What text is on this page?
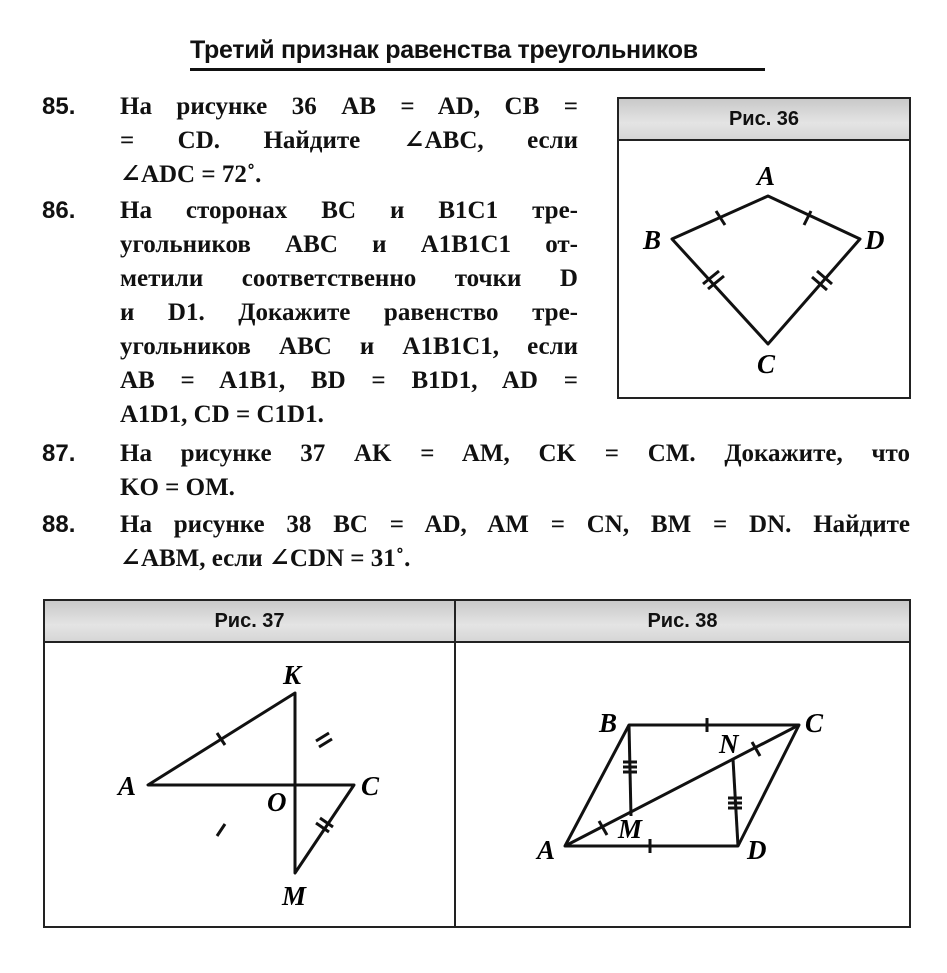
Третий признак равенства треугольников
85. На рисунке 36 AB = AD, CB =
= CD. Найдите ∠ABC, если
∠ADC = 72˚.
86. На сторонах BC и B1C1 тре-
угольников ABC и A1B1C1 от-
метили соответственно точки D
и D1. Докажите равенство тре-
угольников ABC и A1B1C1, если
AB = A1B1, BD = B1D1, AD =
A1D1, CD = C1D1.
87. На рисунке 37 AK = AM, CK = CM. Докажите, что
KO = OM.
88. На рисунке 38 BC = AD, AM = CN, BM = DN. Найдите
∠ABM, если ∠CDN = 31˚.
Рис. 36
A
B	D
C
Рис. 37	Рис. 38
K
A
O
C
M
B	C
N
A
M
D
